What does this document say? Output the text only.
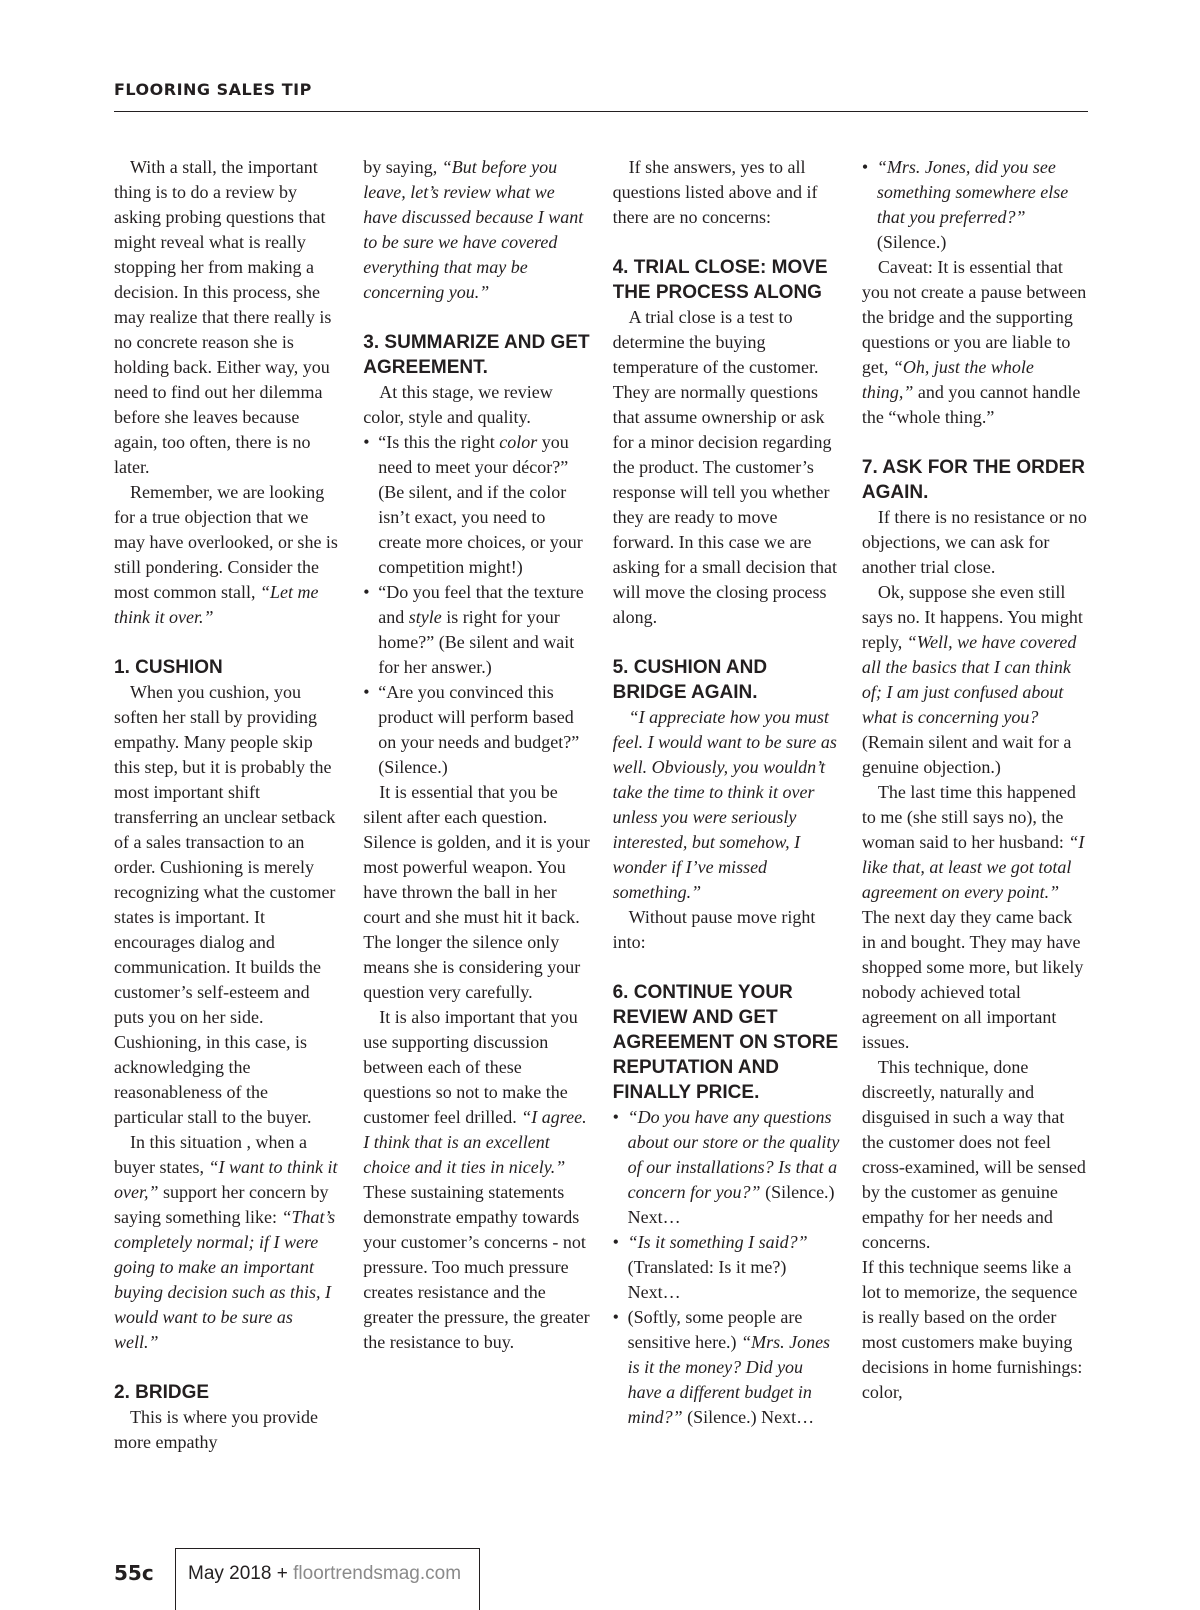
FLOORING SALES TIP

With a stall, the important thing is to do a review by asking probing questions that might reveal what is really stopping her from making a decision. In this process, she may realize that there really is no concrete reason she is holding back. Either way, you need to find out her dilemma before she leaves because again, too often, there is no later.

Remember, we are looking for a true objection that we may have overlooked, or she is still pondering. Consider the most common stall, “Let me think it over.”

1. CUSHION

When you cushion, you soften her stall by providing empathy. Many people skip this step, but it is probably the most important shift transferring an unclear setback of a sales transaction to an order. Cushioning is merely recognizing what the customer states is important. It encourages dialog and communication. It builds the customer’s self-esteem and puts you on her side. Cushioning, in this case, is acknowledging the reasonableness of the particular stall to the buyer.

In this situation , when a buyer states, “I want to think it over,” support her concern by saying something like: “That’s completely normal; if I were going to make an important buying decision such as this, I would want to be sure as well.”

2. BRIDGE

This is where you provide more empathy

by saying, “But before you leave, let’s review what we have discussed because I want to be sure we have covered everything that may be concerning you.”

3. SUMMARIZE AND GET AGREEMENT.

At this stage, we review color, style and quality.

• “Is this the right color you need to meet your décor?” (Be silent, and if the color isn’t exact, you need to create more choices, or your competition might!)
• “Do you feel that the texture and style is right for your home?” (Be silent and wait for her answer.)
• “Are you convinced this product will perform based on your needs and budget?” (Silence.)

It is essential that you be silent after each question. Silence is golden, and it is your most powerful weapon. You have thrown the ball in her court and she must hit it back. The longer the silence only means she is considering your question very carefully.

It is also important that you use supporting discussion between each of these questions so not to make the customer feel drilled. “I agree. I think that is an excellent choice and it ties in nicely.” These sustaining statements demonstrate empathy towards your customer’s concerns - not pressure. Too much pressure creates resistance and the greater the pressure, the greater the resistance to buy.

If she answers, yes to all questions listed above and if there are no concerns:

4. TRIAL CLOSE: MOVE THE PROCESS ALONG

A trial close is a test to determine the buying temperature of the customer. They are normally questions that assume ownership or ask for a minor decision regarding the product. The customer’s response will tell you whether they are ready to move forward. In this case we are asking for a small decision that will move the closing process along.

5. CUSHION AND BRIDGE AGAIN.

“I appreciate how you must feel. I would want to be sure as well. Obviously, you wouldn’t take the time to think it over unless you were seriously interested, but somehow, I wonder if I’ve missed something.”

Without pause move right into:

6. CONTINUE YOUR REVIEW AND GET AGREEMENT ON STORE REPUTATION AND FINALLY PRICE.
• “Do you have any questions about our store or the quality of our installations? Is that a concern for you?” (Silence.) Next…
• “Is it something I said?” (Translated: Is it me?) Next…
• (Softly, some people are sensitive here.) “Mrs. Jones is it the money? Did you have a different budget in mind?” (Silence.) Next…
• “Mrs. Jones, did you see something somewhere else that you preferred?” (Silence.)

Caveat: It is essential that you not create a pause between the bridge and the supporting questions or you are liable to get, “Oh, just the whole thing,” and you cannot handle the “whole thing.”

7. ASK FOR THE ORDER AGAIN.

If there is no resistance or no objections, we can ask for another trial close.

Ok, suppose she even still says no. It happens. You might reply, “Well, we have covered all the basics that I can think of; I am just confused about what is concerning you? (Remain silent and wait for a genuine objection.)

The last time this happened to me (she still says no), the woman said to her husband: “I like that, at least we got total agreement on every point.” The next day they came back in and bought. They may have shopped some more, but likely nobody achieved total agreement on all important issues.

This technique, done discreetly, naturally and disguised in such a way that the customer does not feel cross-examined, will be sensed by the customer as genuine empathy for her needs and concerns.

If this technique seems like a lot to memorize, the sequence is really based on the order most customers make buying decisions in home furnishings: color,

55c May 2018 + floortrendsmag.com
